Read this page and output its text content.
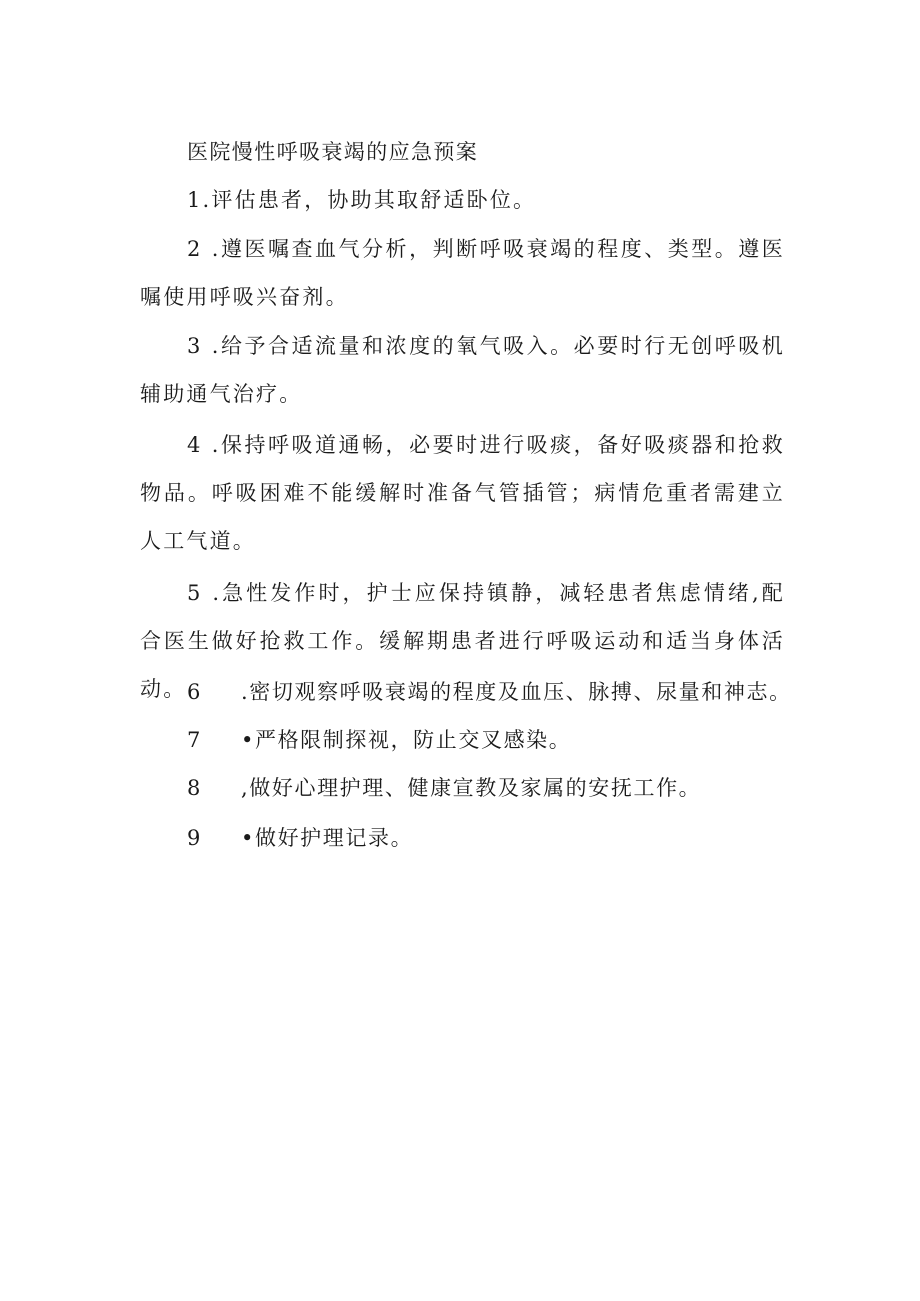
医院慢性呼吸衰竭的应急预案
1.评估患者，协助其取舒适卧位。
2 .遵医嘱查血气分析，判断呼吸衰竭的程度、类型。遵医嘱使用呼吸兴奋剂。
3 .给予合适流量和浓度的氧气吸入。必要时行无创呼吸机辅助通气治疗。
4 .保持呼吸道通畅，必要时进行吸痰，备好吸痰器和抢救物品。呼吸困难不能缓解时准备气管插管；病情危重者需建立人工气道。
5 .急性发作时，护士应保持镇静，减轻患者焦虑情绪,配合医生做好抢救工作。缓解期患者进行呼吸运动和适当身体活动。 6 .密切观察呼吸衰竭的程度及血压、脉搏、尿量和神志。
7 •严格限制探视，防止交叉感染。
8 ,做好心理护理、健康宣教及家属的安抚工作。
9 •做好护理记录。
